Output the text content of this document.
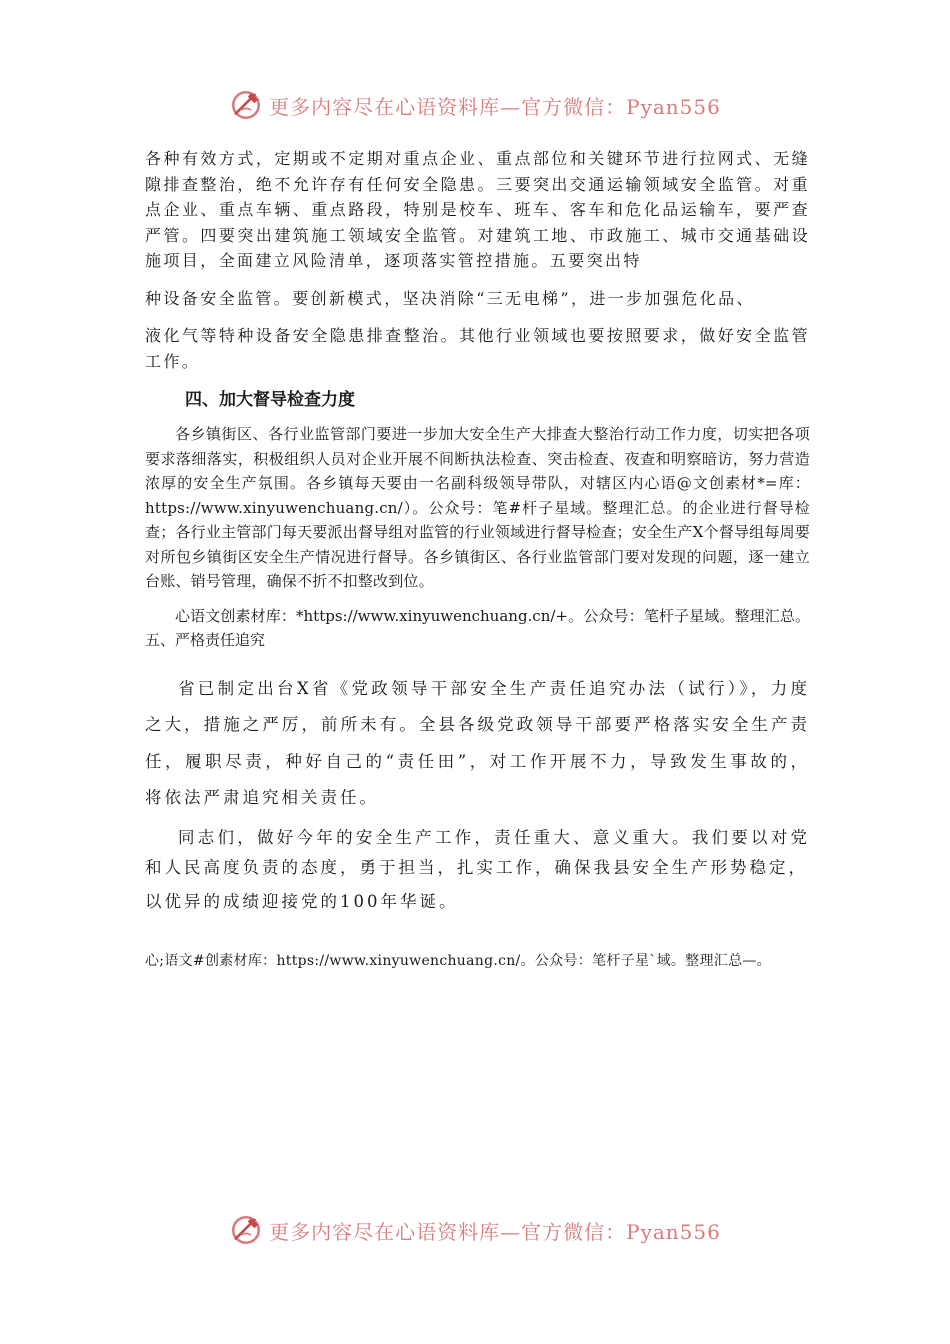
更多内容尽在心语资料库—官方微信：Pyan556

各种有效方式，定期或不定期对重点企业、重点部位和关键环节进行拉网式、无缝隙排查整治，绝不允许存有任何安全隐患。三要突出交通运输领域安全监管。对重点企业、重点车辆、重点路段，特别是校车、班车、客车和危化品运输车，要严查严管。四要突出建筑施工领域安全监管。对建筑工地、市政施工、城市交通基础设施项目，全面建立风险清单，逐项落实管控措施。五要突出特
种设备安全监管。要创新模式，坚决消除“三无电梯”，进一步加强危化品、
液化气等特种设备安全隐患排查整治。其他行业领域也要按照要求，做好安全监管工作。

四、加大督导检查力度

各乡镇街区、各行业监管部门要进一步加大安全生产大排查大整治行动工作力度，切实把各项要求落细落实，积极组织人员对企业开展不间断执法检查、突击检查、夜查和明察暗访，努力营造浓厚的安全生产氛围。各乡镇每天要由一名副科级领导带队，对辖区内心语@文创素材*=库：https://www.xinyuwenchuang.cn/）。公众号：笔#杆子星域。整理汇总。的企业进行督导检查；各行业主管部门每天要派出督导组对监管的行业领域进行督导检查；安全生产X个督导组每周要对所包乡镇街区安全生产情况进行督导。各乡镇街区、各行业监管部门要对发现的问题，逐一建立台账、销号管理，确保不折不扣整改到位。

心语文创素材库：*https://www.xinyuwenchuang.cn/+。公众号：笔杆子星域。整理汇总。五、严格责任追究

省已制定出台X省《党政领导干部安全生产责任追究办法（试行）》，力度之大，措施之严厉，前所未有。全县各级党政领导干部要严格落实安全生产责任，履职尽责，种好自己的“责任田”，对工作开展不力，导致发生事故的，将依法严肃追究相关责任。

同志们，做好今年的安全生产工作，责任重大、意义重大。我们要以对党和人民高度负责的态度，勇于担当，扎实工作，确保我县安全生产形势稳定，
以优异的成绩迎接党的100年华诞。

心;语文#创素材库：https://www.xinyuwenchuang.cn/。公众号：笔杆子星`域。整理汇总—。

更多内容尽在心语资料库—官方微信：Pyan556
